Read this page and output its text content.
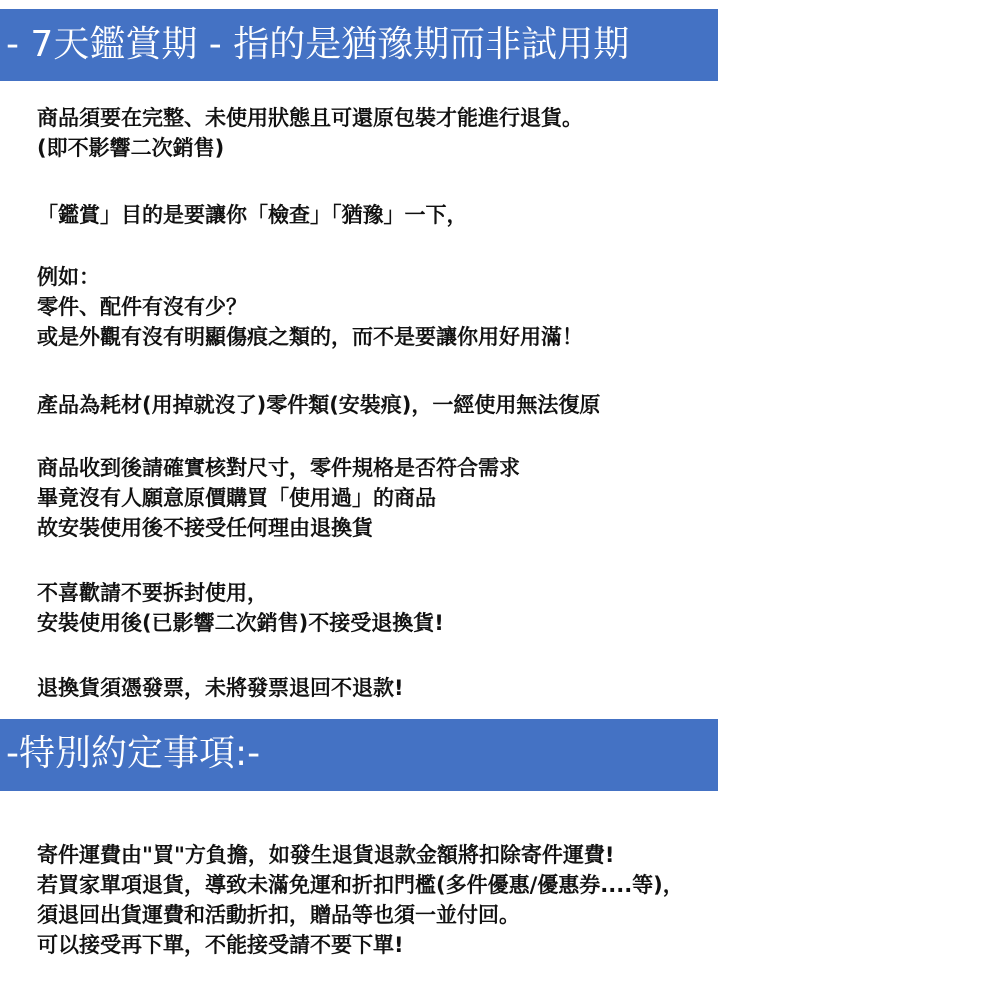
- 7天鑑賞期 - 指的是猶豫期而非試用期
商品須要在完整、未使用狀態且可還原包裝才能進行退貨。
(即不影響二次銷售)
「鑑賞」目的是要讓你「檢查」「猶豫」一下，
例如：
零件、配件有沒有少？
或是外觀有沒有明顯傷痕之類的，而不是要讓你用好用滿！
產品為耗材(用掉就沒了)零件類(安裝痕)，一經使用無法復原
商品收到後請確實核對尺寸，零件規格是否符合需求
畢竟沒有人願意原價購買「使用過」的商品
故安裝使用後不接受任何理由退換貨
不喜歡請不要拆封使用，
安裝使用後(已影響二次銷售)不接受退換貨!
退換貨須憑發票，未將發票退回不退款!
-特別約定事項:-
寄件運費由"買"方負擔，如發生退貨退款金額將扣除寄件運費!
若買家單項退貨，導致未滿免運和折扣門檻(多件優惠/優惠券....等)，
須退回出貨運費和活動折扣，贈品等也須一並付回。
可以接受再下單，不能接受請不要下單!
